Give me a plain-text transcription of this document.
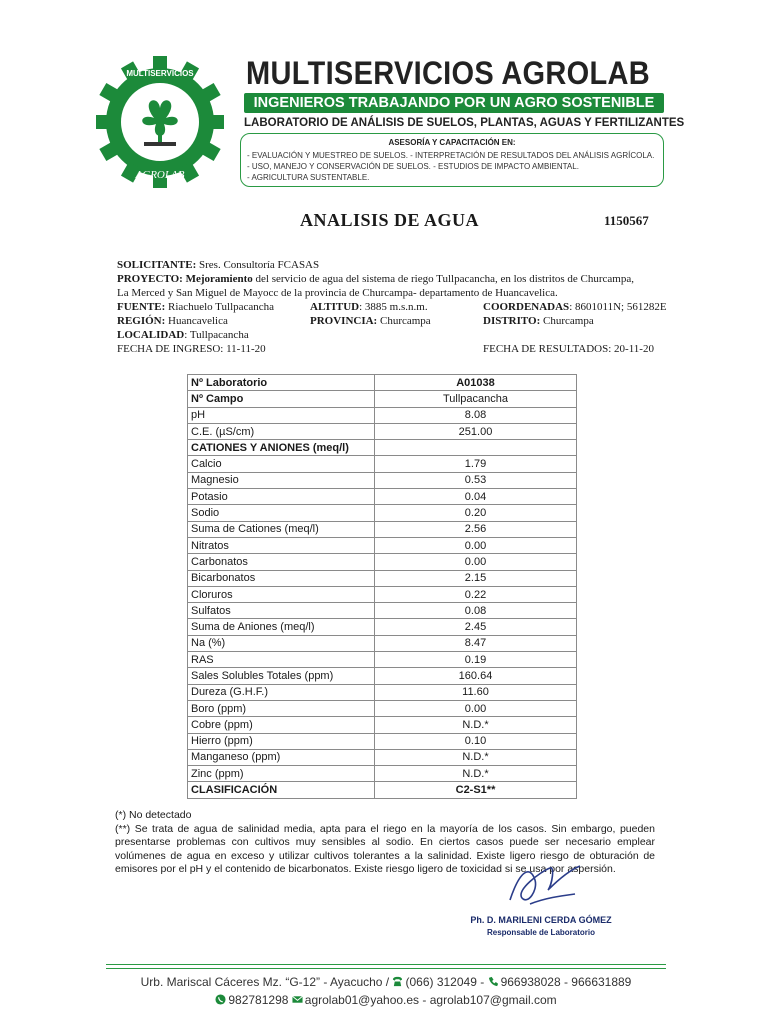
MULTISERVICIOS
AGROLAB
MULTISERVICIOS AGROLAB
INGENIEROS TRABAJANDO POR UN AGRO SOSTENIBLE
LABORATORIO DE ANÁLISIS DE SUELOS, PLANTAS, AGUAS Y FERTILIZANTES
ASESORÍA Y CAPACITACIÓN EN:
- EVALUACIÓN Y MUESTREO DE SUELOS. - INTERPRETACIÓN DE RESULTADOS DEL ANÁLISIS AGRÍCOLA.
- USO, MANEJO Y CONSERVACIÓN DE SUELOS. - ESTUDIOS DE IMPACTO AMBIENTAL.
- AGRICULTURA SUSTENTABLE.
ANALISIS DE AGUA	1150567
SOLICITANTE: Sres. Consultoría FCASAS
PROYECTO: Mejoramiento del servicio de agua del sistema de riego Tullpacancha, en los distritos de Churcampa,
La Merced y San Miguel de Mayocc de la provincia de Churcampa- departamento de Huancavelica.
FUENTE: Riachuelo Tullpacancha	ALTITUD: 3885 m.s.n.m.	COORDENADAS: 8601011N; 561282E
REGIÓN: Huancavelica	PROVINCIA: Churcampa	DISTRITO: Churcampa
LOCALIDAD: Tullpacancha
FECHA DE INGRESO: 11-11-20	FECHA DE RESULTADOS: 20-11-20
Nº Laboratorio	A01038
Nº Campo	Tullpacancha
pH	8.08
C.E. (µS/cm)	251.00
CATIONES Y ANIONES (meq/l)	
Calcio	1.79
Magnesio	0.53
Potasio	0.04
Sodio	0.20
Suma de Cationes (meq/l)	2.56
Nitratos	0.00
Carbonatos	0.00
Bicarbonatos	2.15
Cloruros	0.22
Sulfatos	0.08
Suma de Aniones (meq/l)	2.45
Na (%)	8.47
RAS	0.19
Sales Solubles Totales (ppm)	160.64
Dureza (G.H.F.)	11.60
Boro (ppm)	0.00
Cobre (ppm)	N.D.*
Hierro (ppm)	0.10
Manganeso (ppm)	N.D.*
Zinc (ppm)	N.D.*
CLASIFICACIÓN	C2-S1**

(*) No detectado

(**) Se trata de agua de salinidad media, apta para el riego en la mayoría de los casos. Sin embargo, pueden presentarse problemas con cultivos muy sensibles al sodio. En ciertos casos puede ser necesario emplear volúmenes de agua en exceso y utilizar cultivos tolerantes a la salinidad. Existe ligero riesgo de obturación de emisores por el pH y el contenido de bicarbonatos. Existe riesgo ligero de toxicidad si se usa por aspersión.

Ph. D. MARILENI CERDA GÓMEZ
Responsable de Laboratorio
Urb. Mariscal Cáceres Mz. “G-12” - Ayacucho / (066) 312049 - 966938028 - 966631889
982781298 agrolab01@yahoo.es - agrolab107@gmail.com
